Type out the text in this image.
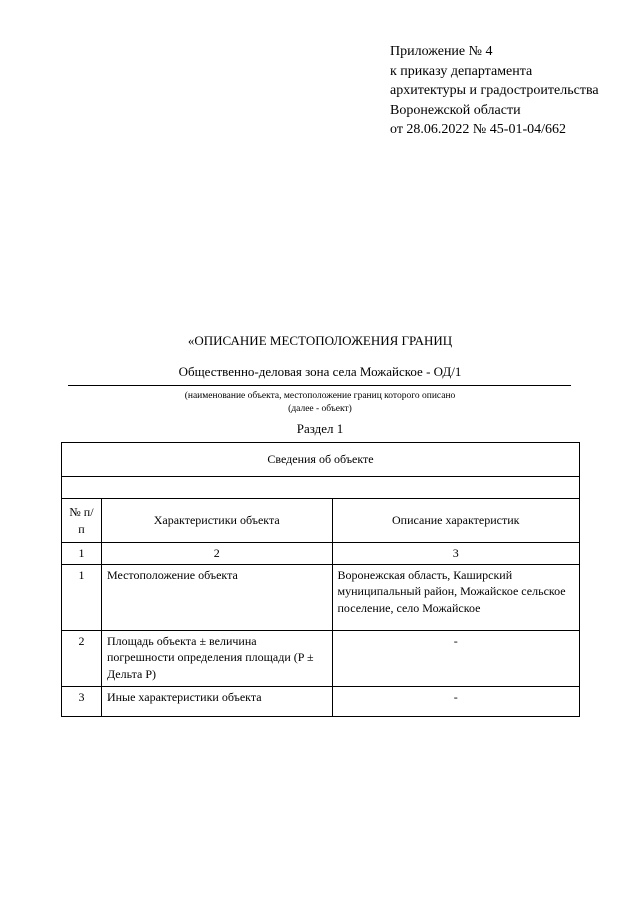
Приложение № 4
к приказу департамента
архитектуры и градостроительства
Воронежской области
от 28.06.2022 № 45-01-04/662
«ОПИСАНИЕ МЕСТОПОЛОЖЕНИЯ ГРАНИЦ
Общественно-деловая зона села Можайское - ОД/1
(наименование объекта, местоположение границ которого описано
(далее - объект)
Раздел 1
Сведения об объекте		

№ п/п	Характеристики объекта	Описание характеристик
1	2	3
1	Местоположение объекта	Воронежская область, Каширский муниципальный район, Можайское сельское поселение, село Можайское
2	Площадь объекта ± величина погрешности определения площади (P ± Дельта P)	-
3	Иные характеристики объекта	-
